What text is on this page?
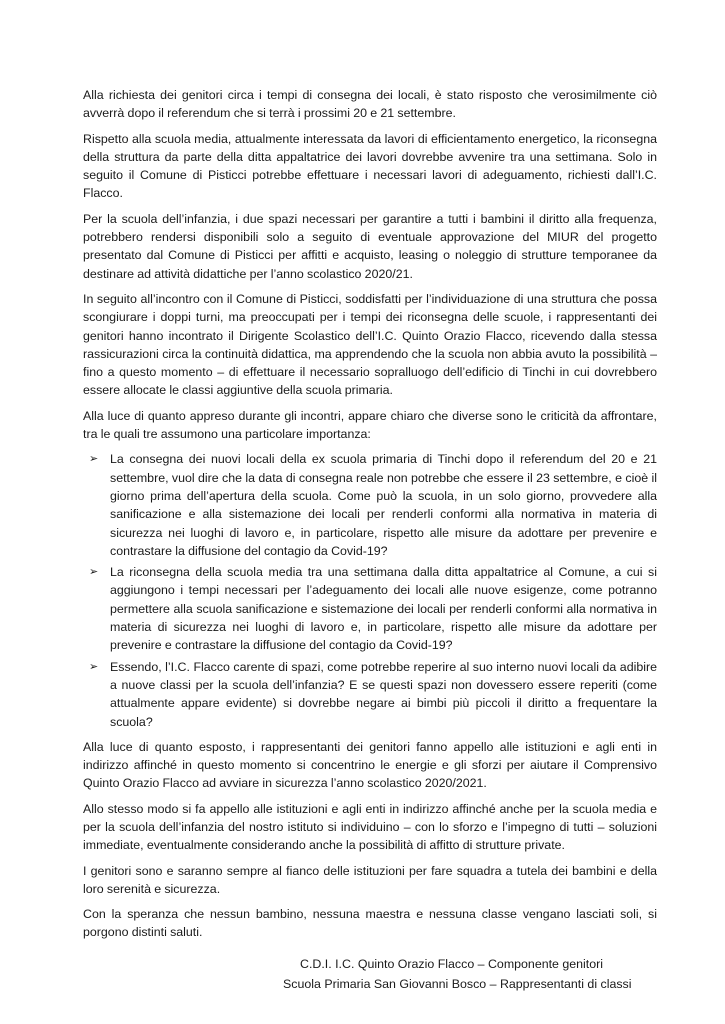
Alla richiesta dei genitori circa i tempi di consegna dei locali, è stato risposto che verosimilmente ciò avverrà dopo il referendum che si terrà i prossimi 20 e 21 settembre.

Rispetto alla scuola media, attualmente interessata da lavori di efficientamento energetico, la riconsegna della struttura da parte della ditta appaltatrice dei lavori dovrebbe avvenire tra una settimana. Solo in seguito il Comune di Pisticci potrebbe effettuare i necessari lavori di adeguamento, richiesti dall’I.C. Flacco.

Per la scuola dell’infanzia, i due spazi necessari per garantire a tutti i bambini il diritto alla frequenza, potrebbero rendersi disponibili solo a seguito di eventuale approvazione del MIUR del progetto presentato dal Comune di Pisticci per affitti e acquisto, leasing o noleggio di strutture temporanee da destinare ad attività didattiche per l’anno scolastico 2020/21.

In seguito all’incontro con il Comune di Pisticci, soddisfatti per l’individuazione di una struttura che possa scongiurare i doppi turni, ma preoccupati per i tempi dei riconsegna delle scuole, i rappresentanti dei genitori hanno incontrato il Dirigente Scolastico dell’I.C. Quinto Orazio Flacco, ricevendo dalla stessa rassicurazioni circa la continuità didattica, ma apprendendo che la scuola non abbia avuto la possibilità – fino a questo momento – di effettuare il necessario sopralluogo dell’edificio di Tinchi in cui dovrebbero essere allocate le classi aggiuntive della scuola primaria.

Alla luce di quanto appreso durante gli incontri, appare chiaro che diverse sono le criticità da affrontare, tra le quali tre assumono una particolare importanza:

➢ La consegna dei nuovi locali della ex scuola primaria di Tinchi dopo il referendum del 20 e 21 settembre, vuol dire che la data di consegna reale non potrebbe che essere il 23 settembre, e cioè il giorno prima dell’apertura della scuola. Come può la scuola, in un solo giorno, provvedere alla sanificazione e alla sistemazione dei locali per renderli conformi alla normativa in materia di sicurezza nei luoghi di lavoro e, in particolare, rispetto alle misure da adottare per prevenire e contrastare la diffusione del contagio da Covid-19?
➢ La riconsegna della scuola media tra una settimana dalla ditta appaltatrice al Comune, a cui si aggiungono i tempi necessari per l’adeguamento dei locali alle nuove esigenze, come potranno permettere alla scuola sanificazione e sistemazione dei locali per renderli conformi alla normativa in materia di sicurezza nei luoghi di lavoro e, in particolare, rispetto alle misure da adottare per prevenire e contrastare la diffusione del contagio da Covid-19?
➢ Essendo, l’I.C. Flacco carente di spazi, come potrebbe reperire al suo interno nuovi locali da adibire a nuove classi per la scuola dell’infanzia? E se questi spazi non dovessero essere reperiti (come attualmente appare evidente) si dovrebbe negare ai bimbi più piccoli il diritto a frequentare la scuola?

Alla luce di quanto esposto, i rappresentanti dei genitori fanno appello alle istituzioni e agli enti in indirizzo affinché in questo momento si concentrino le energie e gli sforzi per aiutare il Comprensivo Quinto Orazio Flacco ad avviare in sicurezza l’anno scolastico 2020/2021.

Allo stesso modo si fa appello alle istituzioni e agli enti in indirizzo affinché anche per la scuola media e per la scuola dell’infanzia del nostro istituto si individuino – con lo sforzo e l’impegno di tutti – soluzioni immediate, eventualmente considerando anche la possibilità di affitto di strutture private.

I genitori sono e saranno sempre al fianco delle istituzioni per fare squadra a tutela dei bambini e della loro serenità e sicurezza.

Con la speranza che nessun bambino, nessuna maestra e nessuna classe vengano lasciati soli, si porgono distinti saluti.

C.D.I. I.C. Quinto Orazio Flacco – Componente genitori
Scuola Primaria San Giovanni Bosco – Rappresentanti di classi
